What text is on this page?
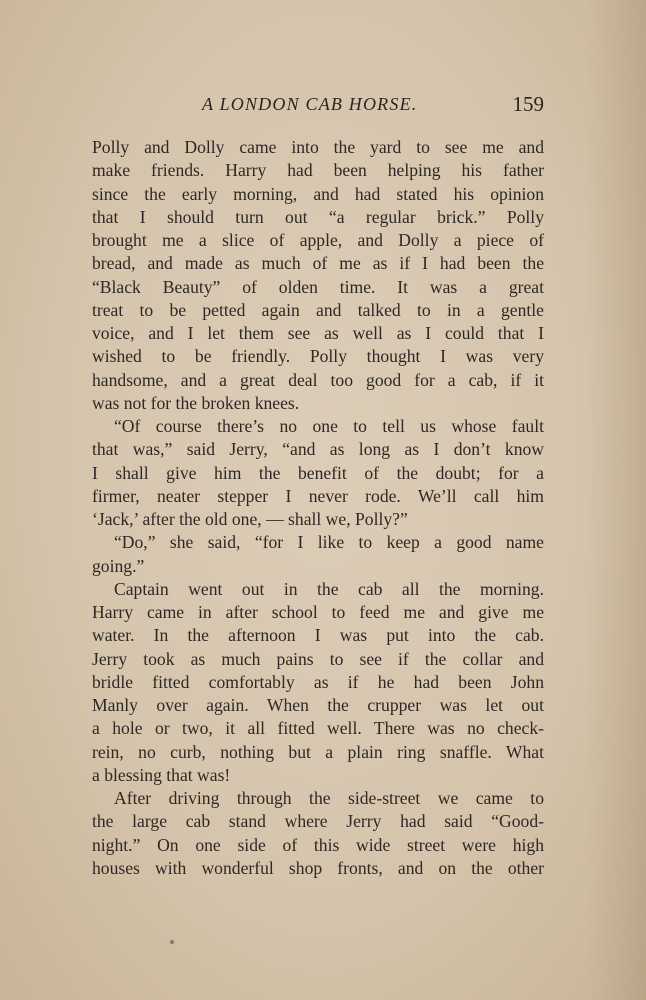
A LONDON CAB HORSE.	159
Polly and Dolly came into the yard to see me and
make friends. Harry had been helping his father
since the early morning, and had stated his opinion
that I should turn out “a regular brick.” Polly
brought me a slice of apple, and Dolly a piece of
bread, and made as much of me as if I had been the
“Black Beauty” of olden time. It was a great
treat to be petted again and talked to in a gentle
voice, and I let them see as well as I could that I
wished to be friendly. Polly thought I was very
handsome, and a great deal too good for a cab, if it
was not for the broken knees.
“Of course there’s no one to tell us whose fault
that was,” said Jerry, “and as long as I don’t know
I shall give him the benefit of the doubt; for a
firmer, neater stepper I never rode. We’ll call him
‘Jack,’ after the old one, — shall we, Polly?”
“Do,” she said, “for I like to keep a good name
going.”
Captain went out in the cab all the morning.
Harry came in after school to feed me and give me
water. In the afternoon I was put into the cab.
Jerry took as much pains to see if the collar and
bridle fitted comfortably as if he had been John
Manly over again. When the crupper was let out
a hole or two, it all fitted well. There was no check-
rein, no curb, nothing but a plain ring snaffle. What
a blessing that was!
After driving through the side-street we came to
the large cab stand where Jerry had said “Good-
night.” On one side of this wide street were high
houses with wonderful shop fronts, and on the other
